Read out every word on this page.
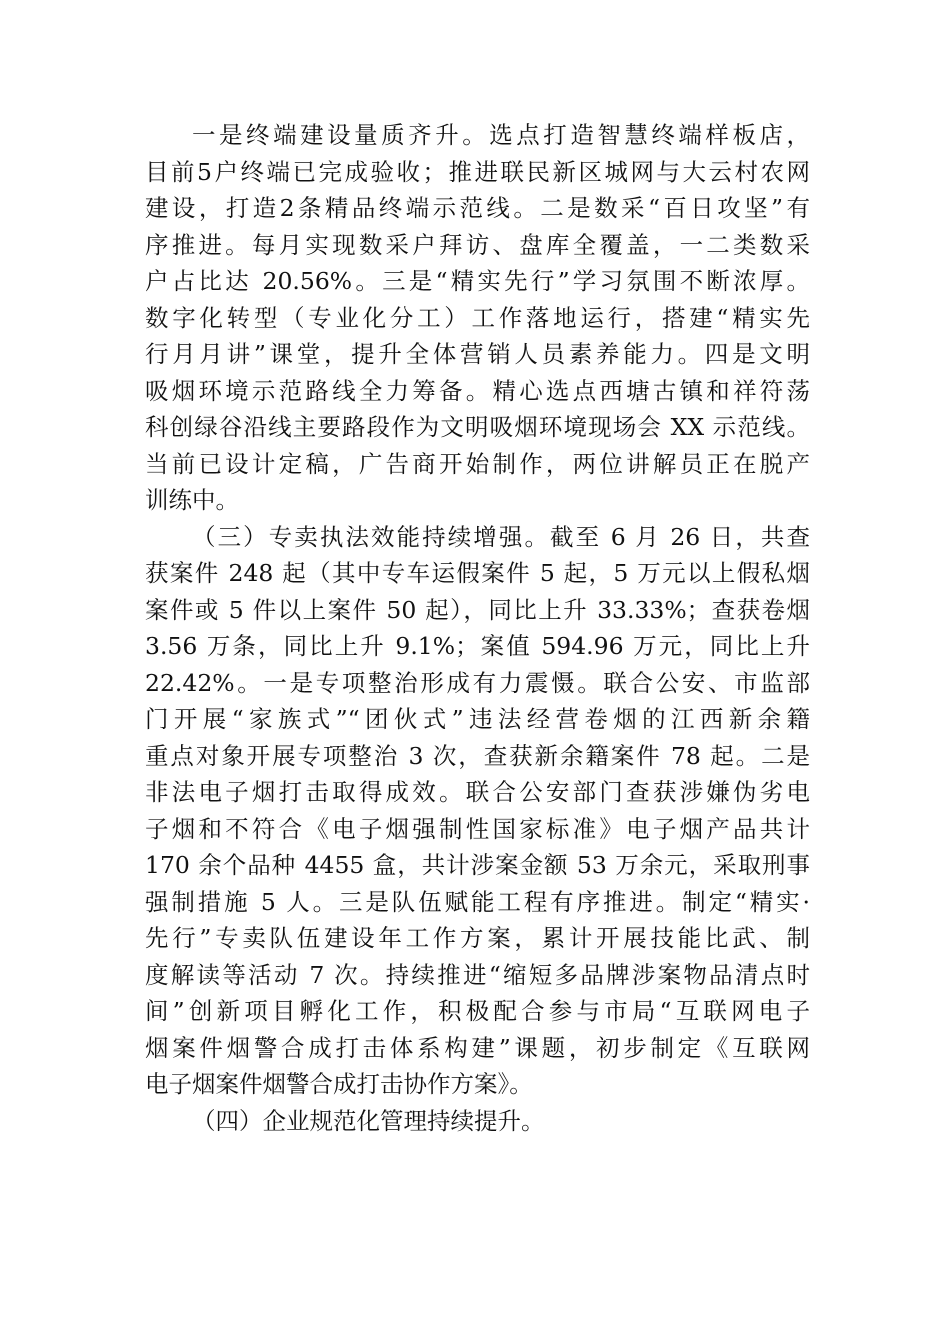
一是终端建设量质齐升。选点打造智慧终端样板店，
目前5户终端已完成验收；推进联民新区城网与大云村农网
建设，打造2条精品终端示范线。二是数采“百日攻坚”有
序推进。每月实现数采户拜访、盘库全覆盖，一二类数采
户占比达 20.56%。三是“精实先行”学习氛围不断浓厚。
数字化转型（专业化分工）工作落地运行，搭建“精实先
行月月讲”课堂，提升全体营销人员素养能力。四是文明
吸烟环境示范路线全力筹备。精心选点西塘古镇和祥符荡
科创绿谷沿线主要路段作为文明吸烟环境现场会 XX 示范线。
当前已设计定稿，广告商开始制作，两位讲解员正在脱产
训练中。
（三）专卖执法效能持续增强。截至 6 月 26 日，共查
获案件 248 起（其中专车运假案件 5 起，5 万元以上假私烟
案件或 5 件以上案件 50 起），同比上升 33.33%；查获卷烟
3.56 万条，同比上升 9.1%；案值 594.96 万元，同比上升
22.42%。一是专项整治形成有力震慑。联合公安、市监部
门开展“家族式”“团伙式”违法经营卷烟的江西新余籍
重点对象开展专项整治 3 次，查获新余籍案件 78 起。二是
非法电子烟打击取得成效。联合公安部门查获涉嫌伪劣电
子烟和不符合《电子烟强制性国家标准》电子烟产品共计
170 余个品种 4455 盒，共计涉案金额 53 万余元，采取刑事
强制措施 5 人。三是队伍赋能工程有序推进。制定“精实·
先行”专卖队伍建设年工作方案，累计开展技能比武、制
度解读等活动 7 次。持续推进“缩短多品牌涉案物品清点时
间”创新项目孵化工作，积极配合参与市局“互联网电子
烟案件烟警合成打击体系构建”课题，初步制定《互联网
电子烟案件烟警合成打击协作方案》。
（四）企业规范化管理持续提升。
